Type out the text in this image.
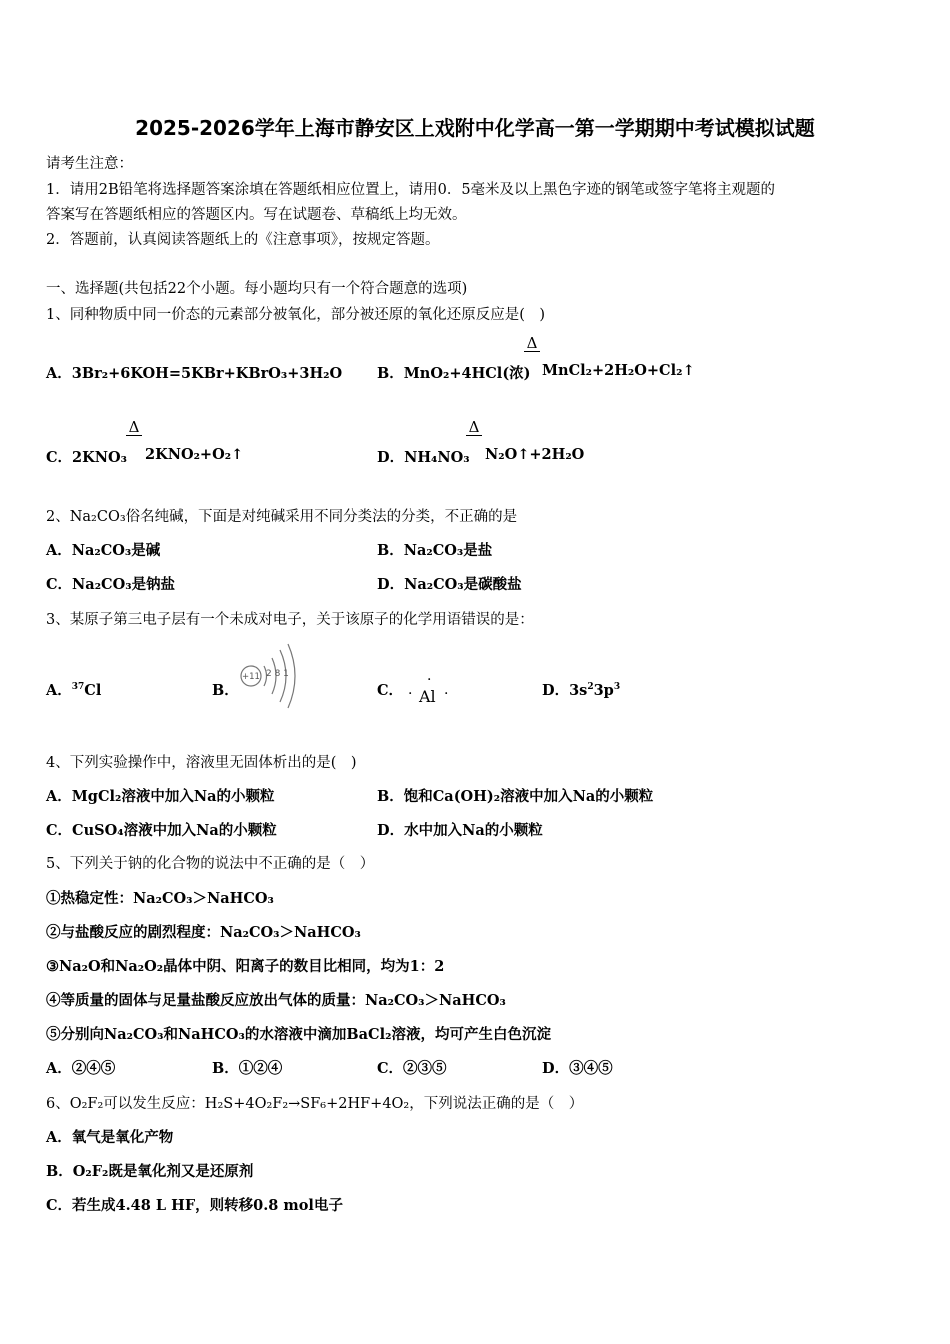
2025-2026学年上海市静安区上戏附中化学高一第一学期期中考试模拟试题
请考生注意：
1．请用2B铅笔将选择题答案涂填在答题纸相应位置上，请用0．5毫米及以上黑色字迹的钢笔或签字笔将主观题的
答案写在答题纸相应的答题区内。写在试题卷、草稿纸上均无效。
2．答题前，认真阅读答题纸上的《注意事项》，按规定答题。
一、选择题(共包括22个小题。每小题均只有一个符合题意的选项)
1、同种物质中同一价态的元素部分被氧化，部分被还原的氧化还原反应是(　)
A．3Br₂+6KOH=5KBr+KBrO₃+3H₂O B．MnO₂+4HCl(浓)
Δ
MnCl₂+2H₂O+Cl₂↑
C．2KNO₃
Δ
2KNO₂+O₂↑	D．NH₄NO₃
Δ
N₂O↑+2H₂O
2、Na₂CO₃俗名纯碱，下面是对纯碱采用不同分类法的分类，不正确的是
A．Na₂CO₃是碱	B．Na₂CO₃是盐
C．Na₂CO₃是钠盐	D．Na₂CO₃是碳酸盐
3、某原子第三电子层有一个未成对电子，关于该原子的化学用语错误的是：
A．$^{37}$Cl	B．
+11 2 8 1
C．
·
· Al ·	D．$3s^23p^3$
4、下列实验操作中，溶液里无固体析出的是(　)
A．MgCl₂溶液中加入Na的小颗粒	B．饱和Ca(OH)₂溶液中加入Na的小颗粒
C．CuSO₄溶液中加入Na的小颗粒	D．水中加入Na的小颗粒
5、下列关于钠的化合物的说法中不正确的是（　）
①热稳定性：Na₂CO₃＞NaHCO₃
②与盐酸反应的剧烈程度：Na₂CO₃＞NaHCO₃
③Na₂O和Na₂O₂晶体中阴、阳离子的数目比相同，均为1：2
④等质量的固体与足量盐酸反应放出气体的质量：Na₂CO₃＞NaHCO₃
⑤分别向Na₂CO₃和NaHCO₃的水溶液中滴加BaCl₂溶液，均可产生白色沉淀
A．②④⑤	B．①②④	C．②③⑤	D．③④⑤
6、O₂F₂可以发生反应：H₂S+4O₂F₂→SF₆+2HF+4O₂，下列说法正确的是（　）
A．氧气是氧化产物
B．O₂F₂既是氧化剂又是还原剂
C．若生成4.48 L HF，则转移0.8 mol电子
